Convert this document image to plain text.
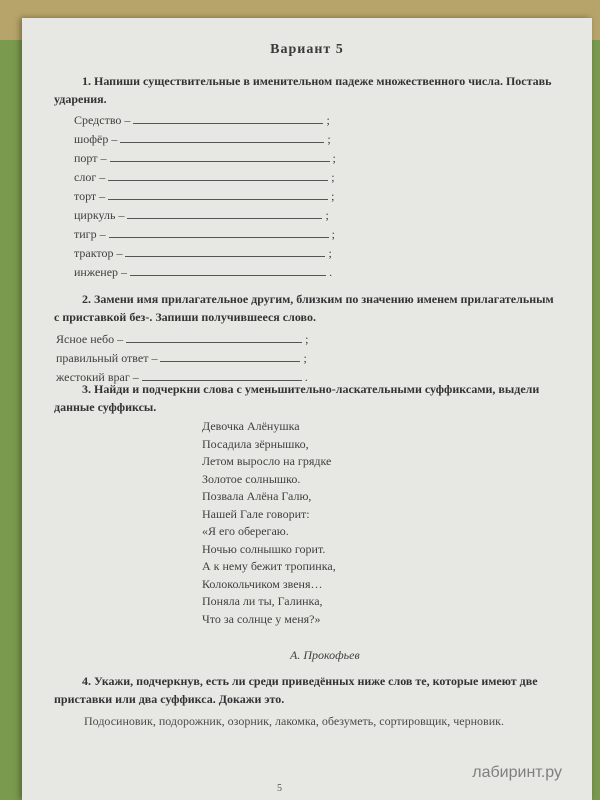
Вариант 5
1. Напиши существительные в именительном падеже множественного числа. Поставь ударения.
Средство –	;
шофёр –	;
порт –	;
слог –	;
торт –	;
циркуль –	;
тигр –	;
трактор –	;
инженер –	.
2. Замени имя прилагательное другим, близким по значению именем прилагательным с приставкой без-. Запиши получившееся слово.
Ясное небо –	;
правильный ответ –	;
жестокий враг –	.
3. Найди и подчеркни слова с уменьшительно-ласкательными суффиксами, выдели данные суффиксы.
Девочка Алёнушка
Посадила зёрнышко,
Летом выросло на грядке
Золотое солнышко.
Позвала Алёна Галю,
Нашей Гале говорит:
«Я его оберегаю.
Ночью солнышко горит.
А к нему бежит тропинка,
Колокольчиком звеня…
Поняла ли ты, Галинка,
Что за солнце у меня?»
А. Прокофьев
4. Укажи, подчеркнув, есть ли среди приведённых ниже слов те, которые имеют две приставки или два суффикса. Докажи это.
Подосиновик, подорожник, озорник, лакомка, обезуметь, сортировщик, черновик.
5
лабиринт.ру
